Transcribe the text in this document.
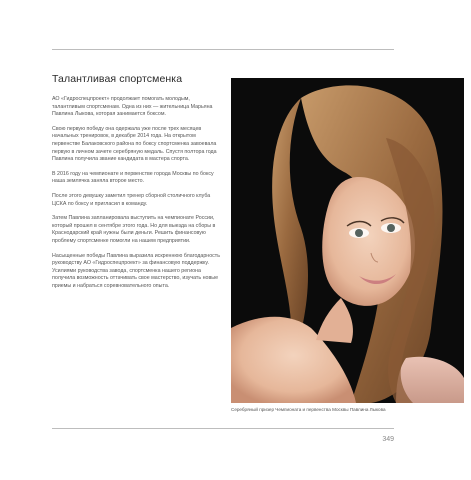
Талантливая спортсменка

АО «Гидроспецпроект» продолжает помогать молодым, талантливым спортсменам. Одна из них — жительница Марьяна Павлина Лыкова, которая занимается боксом.

Свою первую победу она одержала уже после трех месяцев начальных тренировок, в декабре 2014 года. На открытом первенстве Балаковского района по боксу спортсменка завоевала первую в личном зачете серебряную медаль. Спустя полтора года Павлина получила звание кандидата в мастера спорта.

В 2016 году на чемпионате и первенстве города Москвы по боксу наша землячка заняла второе место.

После этого девушку заметил тренер сборной столичного клуба ЦСКА по боксу и пригласил в команду.

Затем Павлина запланировала выступить на чемпионате России, который прошел в сентябре этого года. Но для выезда на сборы в Краснодарский край нужны были деньги. Решить финансовую проблему спортсменке помогли на нашем предприятии.

Насыщенные победы Павлина выразила искреннюю благодарность руководству АО «Гидроспецпроект» за финансовую поддержку. Усилиями руководства завода, спортсменка нашего региона получила возможность оттачивать свое мастерство, изучать новые приемы и набраться соревновательного опыта.

Серебряный призер Чемпионата и первенства Москвы Павлина Лыкова
349
